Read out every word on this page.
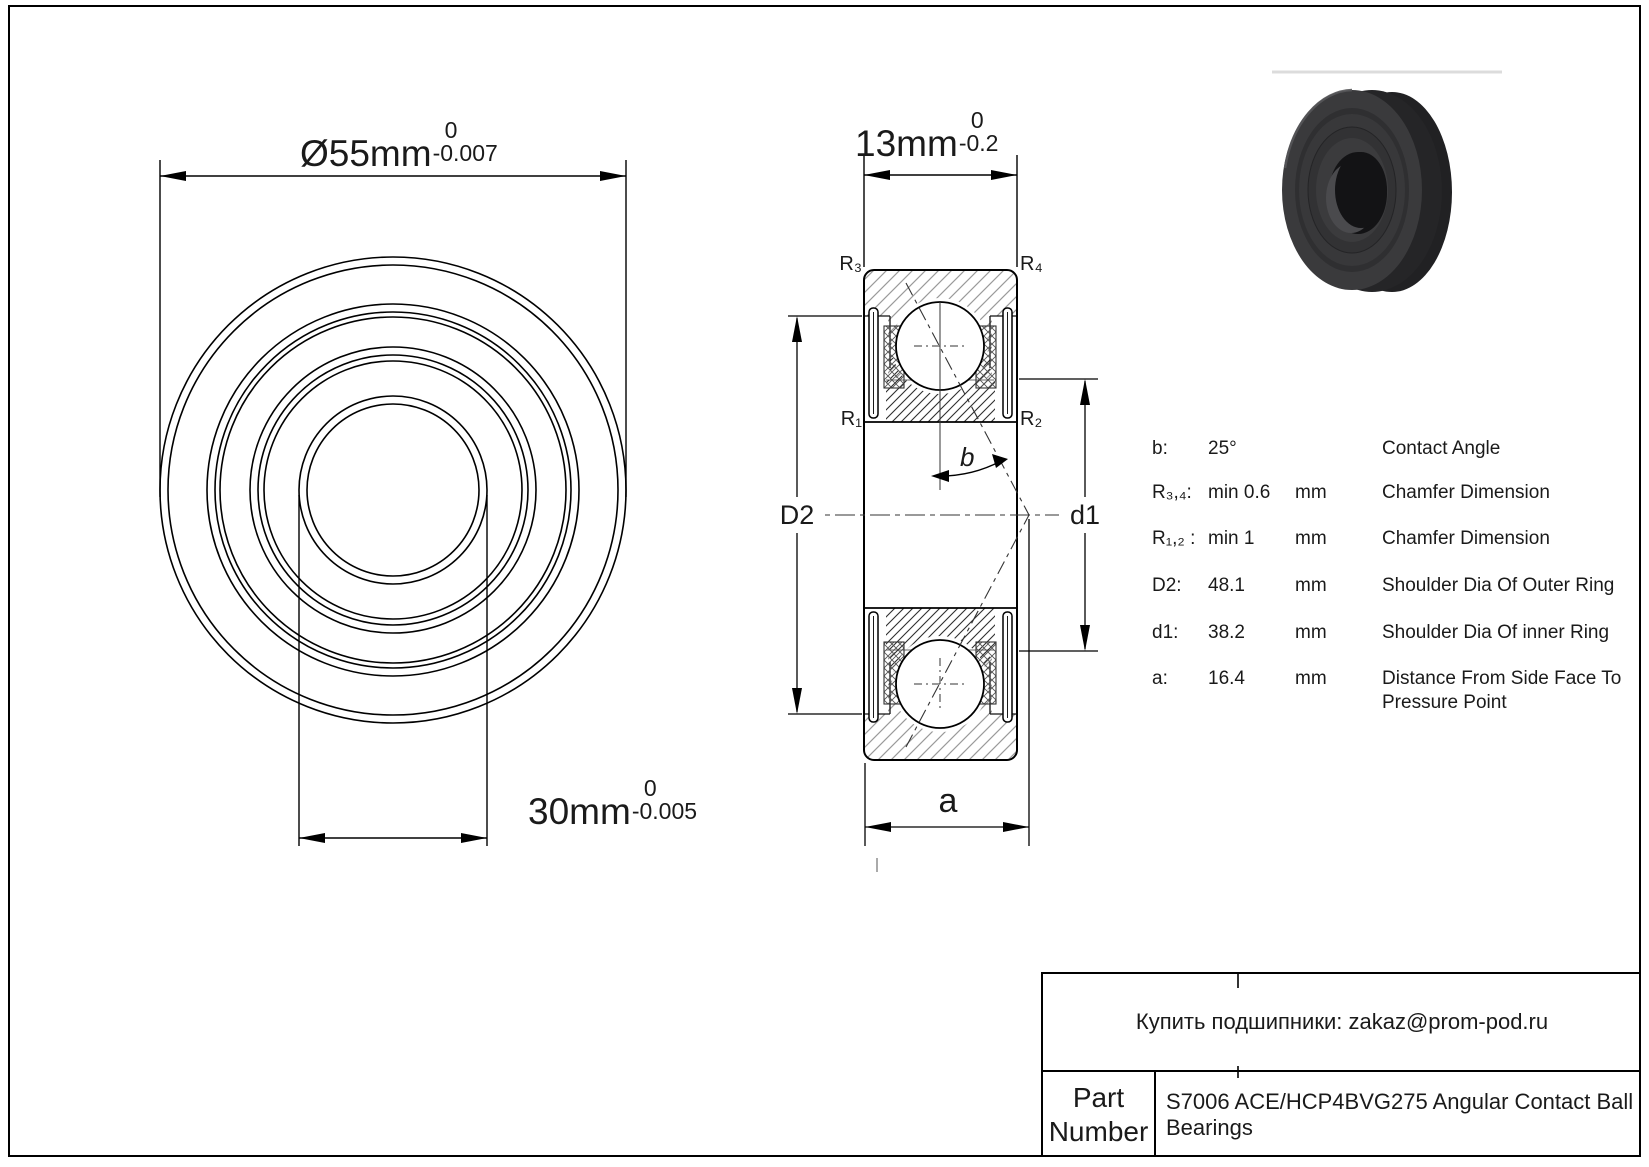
Ø55mm
0
-0.007
30mm
0
-0.005
13mm
0
-0.2
R₃	R₄
R₁	R₂
D2	d1
b
a
b: 25°	Contact Angle
R₃,₄: min 0.6 mm	Chamfer Dimension
R₁,₂ : min 1 mm	Chamfer Dimension
D2: 48.1	mm	Shoulder Dia Of Outer Ring
d1: 38.2	mm	Shoulder Dia Of inner Ring
a: 16.4	mm	Distance From Side Face To
Pressure Point
Купить подшипники: zakaz@prom-pod.ru
Part Number
S7006 ACE/HCP4BVG275 Angular Contact Ball Bearings
